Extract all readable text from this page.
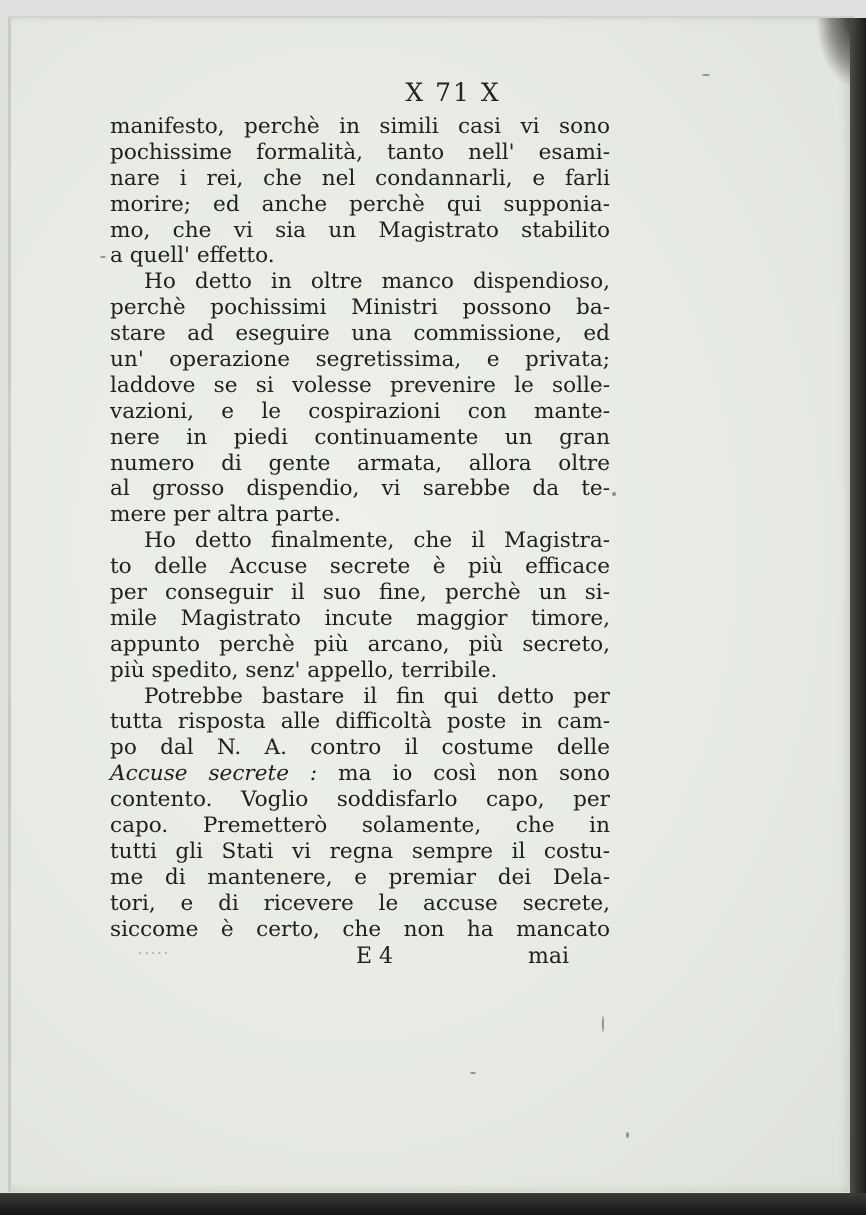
X 71 X
manifesto, perchè in simili casi vi sono
pochissime formalità, tanto nell' esami-
nare i rei, che nel condannarli, e farli
morire; ed anche perchè qui supponia-
mo, che vi sia un Magistrato stabilito
a quell' effetto.
Ho detto in oltre manco dispendioso,
perchè pochissimi Ministri possono ba-
stare ad eseguire una commissione, ed
un' operazione segretissima, e privata;
laddove se si volesse prevenire le solle-
vazioni, e le cospirazioni con mante-
nere in piedi continuamente un gran
numero di gente armata, allora oltre
al grosso dispendio, vi sarebbe da te-
mere per altra parte.
Ho detto finalmente, che il Magistra-
to delle Accuse secrete è più efficace
per conseguir il suo fine, perchè un si-
mile Magistrato incute maggior timore,
appunto perchè più arcano, più secreto,
più spedito, senz' appello, terribile.
Potrebbe bastare il fin qui detto per
tutta risposta alle difficoltà poste in cam-
po dal N. A. contro il costume delle
Accuse secrete : ma io così non sono
contento. Voglio soddisfarlo capo, per
capo. Premetterò solamente, che in
tutti gli Stati vi regna sempre il costu-
me di mantenere, e premiar dei Dela-
tori, e di ricevere le accuse secrete,
siccome è certo, che non ha mancato
·····	E 4	mai
